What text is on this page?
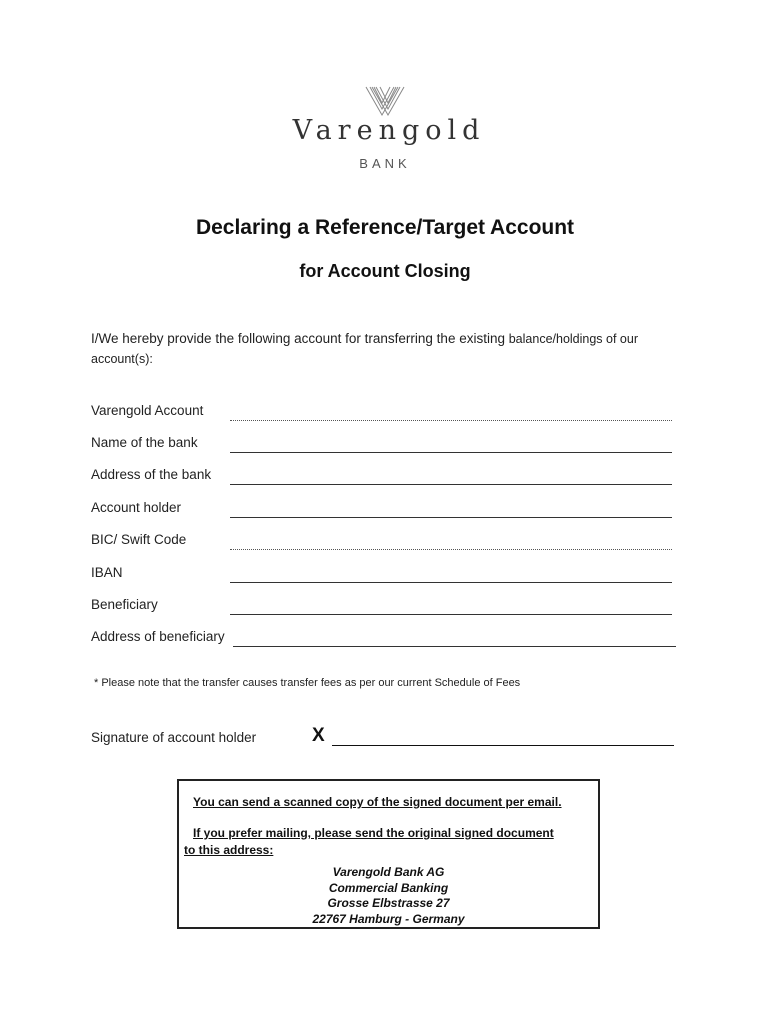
Varengold
BANK
Declaring a Reference/Target Account
for Account Closing
I/We hereby provide the following account for transferring the existing balance/holdings of our account(s):
Varengold Account
Name of the bank
Address of the bank
Account holder
BIC/ Swift Code
IBAN
Beneficiary
Address of beneficiary
* Please note that the transfer causes transfer fees as per our current Schedule of Fees
Signature of account holder	X
You can send a scanned copy of the signed document per email.
If you prefer mailing, please send the original signed document
to this address:
Varengold Bank AG
Commercial Banking
Grosse Elbstrasse 27
22767 Hamburg - Germany
